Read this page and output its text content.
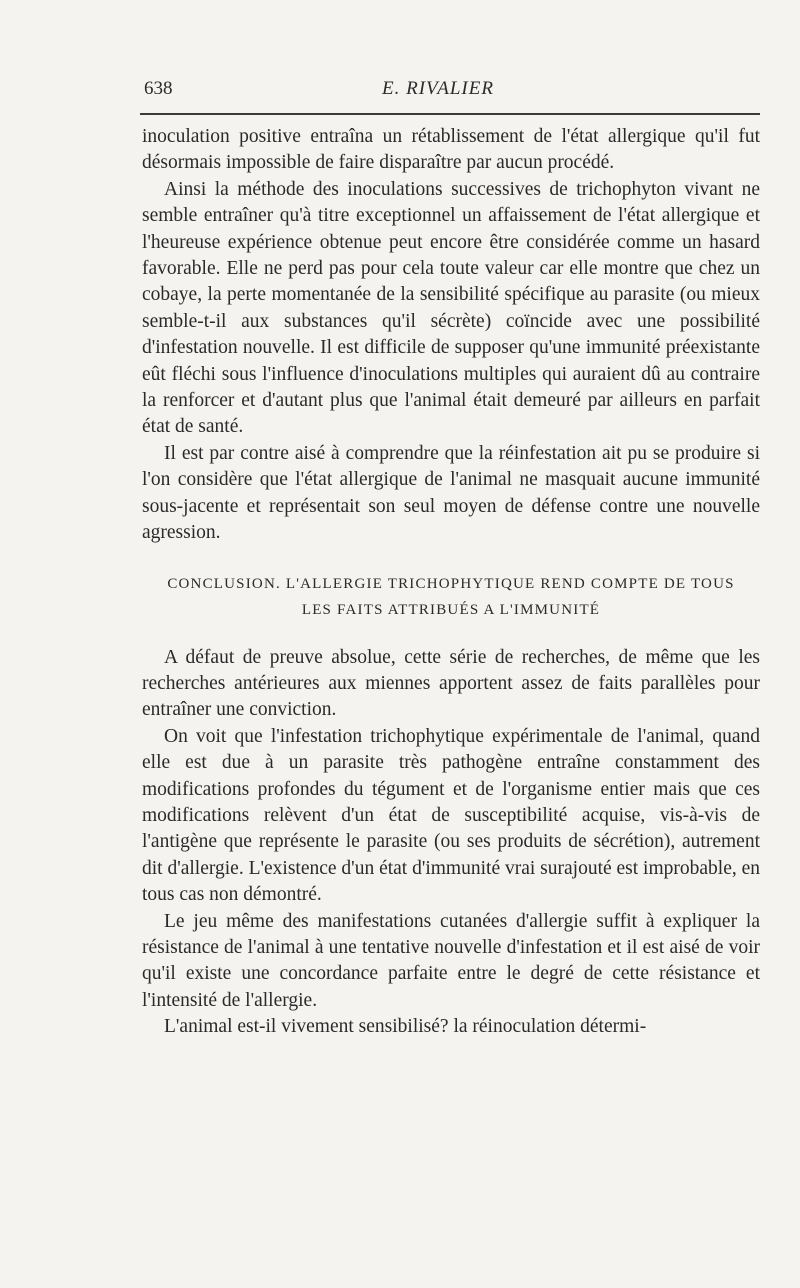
638	E. RIVALIER

inoculation positive entraîna un rétablissement de l'état allergique qu'il fut désormais impossible de faire disparaître par aucun procédé.

Ainsi la méthode des inoculations successives de trichophyton vivant ne semble entraîner qu'à titre exceptionnel un affaissement de l'état allergique et l'heureuse expérience obtenue peut encore être considérée comme un hasard favorable. Elle ne perd pas pour cela toute valeur car elle montre que chez un cobaye, la perte momentanée de la sensibilité spécifique au parasite (ou mieux semble-t-il aux substances qu'il sécrète) coïncide avec une possibilité d'infestation nouvelle. Il est difficile de supposer qu'une immunité préexistante eût fléchi sous l'influence d'inoculations multiples qui auraient dû au contraire la renforcer et d'autant plus que l'animal était demeuré par ailleurs en parfait état de santé.

Il est par contre aisé à comprendre que la réinfestation ait pu se produire si l'on considère que l'état allergique de l'animal ne masquait aucune immunité sous-jacente et représentait son seul moyen de défense contre une nouvelle agression.

CONCLUSION. L'ALLERGIE TRICHOPHYTIQUE REND COMPTE DE TOUS
LES FAITS ATTRIBUÉS A L'IMMUNITÉ

A défaut de preuve absolue, cette série de recherches, de même que les recherches antérieures aux miennes apportent assez de faits parallèles pour entraîner une conviction.

On voit que l'infestation trichophytique expérimentale de l'animal, quand elle est due à un parasite très pathogène entraîne constamment des modifications profondes du tégument et de l'organisme entier mais que ces modifications relèvent d'un état de susceptibilité acquise, vis-à-vis de l'antigène que représente le parasite (ou ses produits de sécrétion), autrement dit d'allergie. L'existence d'un état d'immunité vrai surajouté est improbable, en tous cas non démontré.

Le jeu même des manifestations cutanées d'allergie suffit à expliquer la résistance de l'animal à une tentative nouvelle d'infestation et il est aisé de voir qu'il existe une concordance parfaite entre le degré de cette résistance et l'intensité de l'allergie.

L'animal est-il vivement sensibilisé? la réinoculation détermi-
